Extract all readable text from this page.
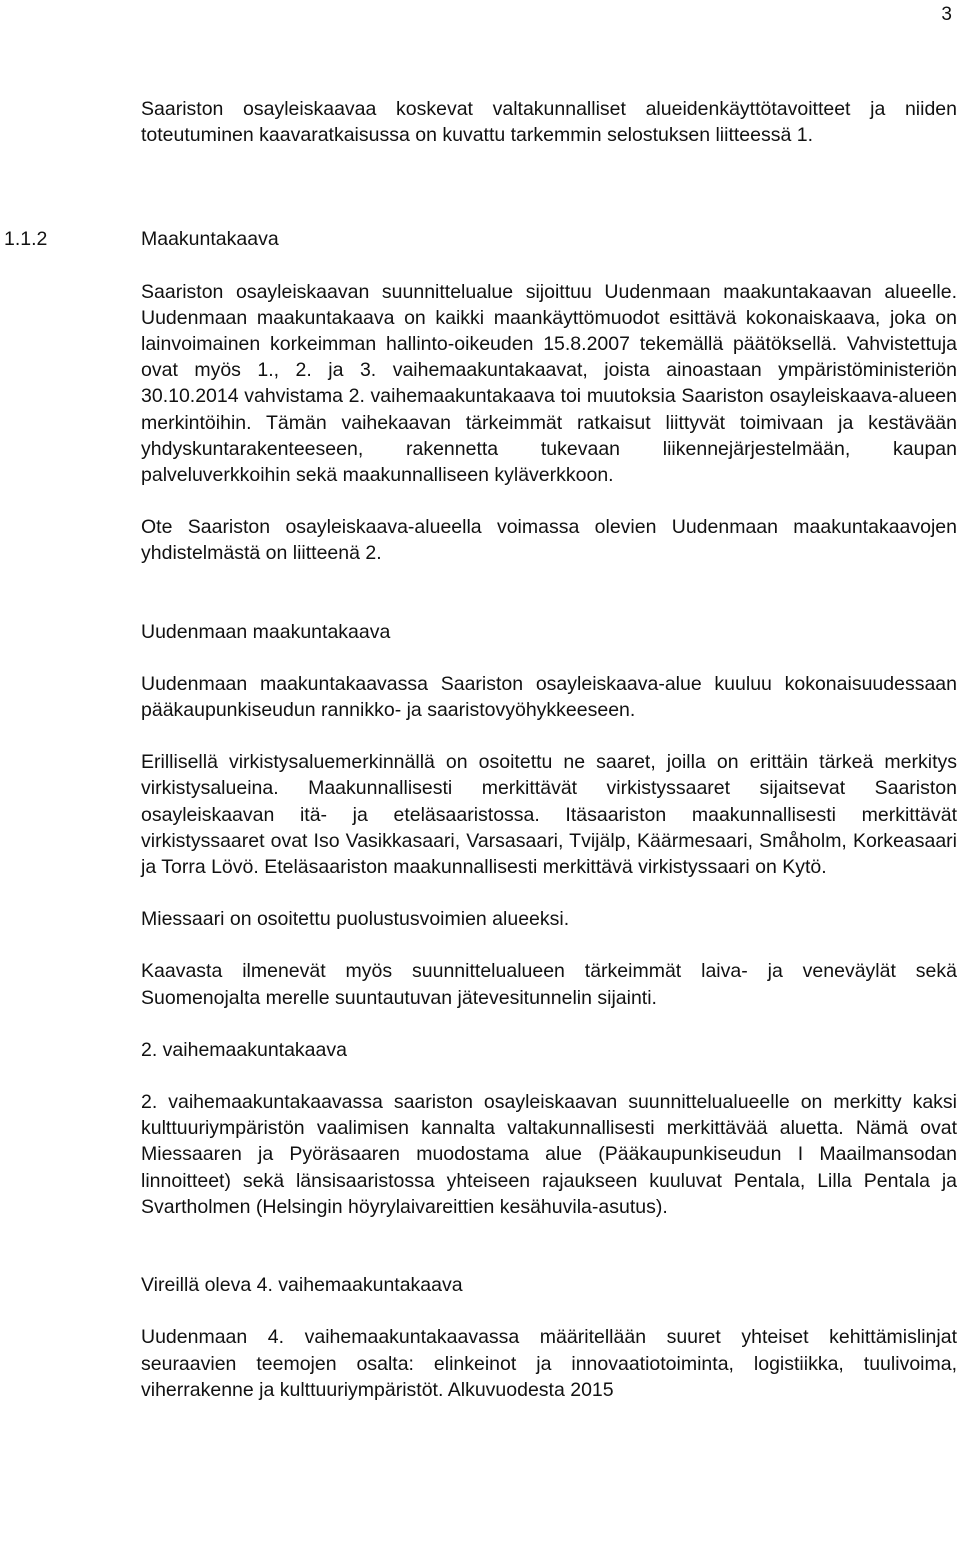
3

Saariston osayleiskaavaa koskevat valtakunnalliset alueidenkäyttötavoitteet ja niiden toteutuminen kaavaratkaisussa on kuvattu tarkemmin selostuksen liitteessä 1.

1.1.2	Maakuntakaava

Saariston osayleiskaavan suunnittelualue sijoittuu Uudenmaan maakuntakaavan alueelle. Uudenmaan maakuntakaava on kaikki maankäyttömuodot esittävä kokonaiskaava, joka on lainvoimainen korkeimman hallinto-oikeuden 15.8.2007 tekemällä päätöksellä. Vahvistettuja ovat myös 1., 2. ja 3. vaihemaakuntakaavat, joista ainoastaan ympäristöministeriön 30.10.2014 vahvistama 2. vaihemaakuntakaava toi muutoksia Saariston osayleiskaava-alueen merkintöihin. Tämän vaihekaavan tärkeimmät ratkaisut liittyvät toimivaan ja kestävään yhdyskuntarakenteeseen, rakennetta tukevaan liikennejärjestelmään, kaupan palveluverkkoihin sekä maakunnalliseen kyläverkkoon.

Ote Saariston osayleiskaava-alueella voimassa olevien Uudenmaan maakuntakaavojen yhdistelmästä on liitteenä 2.

Uudenmaan maakuntakaava

Uudenmaan maakuntakaavassa Saariston osayleiskaava-alue kuuluu kokonaisuudessaan pääkaupunkiseudun rannikko- ja saaristovyöhykkeeseen.

Erillisellä virkistysaluemerkinnällä on osoitettu ne saaret, joilla on erittäin tärkeä merkitys virkistysalueina. Maakunnallisesti merkittävät virkistyssaaret sijaitsevat Saariston osayleiskaavan itä- ja eteläsaaristossa. Itäsaariston maakunnallisesti merkittävät virkistyssaaret ovat Iso Vasikkasaari, Varsasaari, Tvijälp, Käärmesaari, Småholm, Korkeasaari ja Torra Lövö. Eteläsaariston maakunnallisesti merkittävä virkistyssaari on Kytö.

Miessaari on osoitettu puolustusvoimien alueeksi.

Kaavasta ilmenevät myös suunnittelualueen tärkeimmät laiva- ja veneväylät sekä Suomenojalta merelle suuntautuvan jätevesitunnelin sijainti.

2. vaihemaakuntakaava

2. vaihemaakuntakaavassa saariston osayleiskaavan suunnittelualueelle on merkitty kaksi kulttuuriympäristön vaalimisen kannalta valtakunnallisesti merkittävää aluetta. Nämä ovat Miessaaren ja Pyöräsaaren muodostama alue (Pääkaupunkiseudun I Maailmansodan linnoitteet) sekä länsisaaristossa yhteiseen rajaukseen kuuluvat Pentala, Lilla Pentala ja Svartholmen (Helsingin höyrylaivareittien kesähuvila-asutus).

Vireillä oleva 4. vaihemaakuntakaava

Uudenmaan 4. vaihemaakuntakaavassa määritellään suuret yhteiset kehittämislinjat seuraavien teemojen osalta: elinkeinot ja innovaatiotoiminta, logistiikka, tuulivoima, viherrakenne ja kulttuuriympäristöt. Alkuvuodesta 2015
